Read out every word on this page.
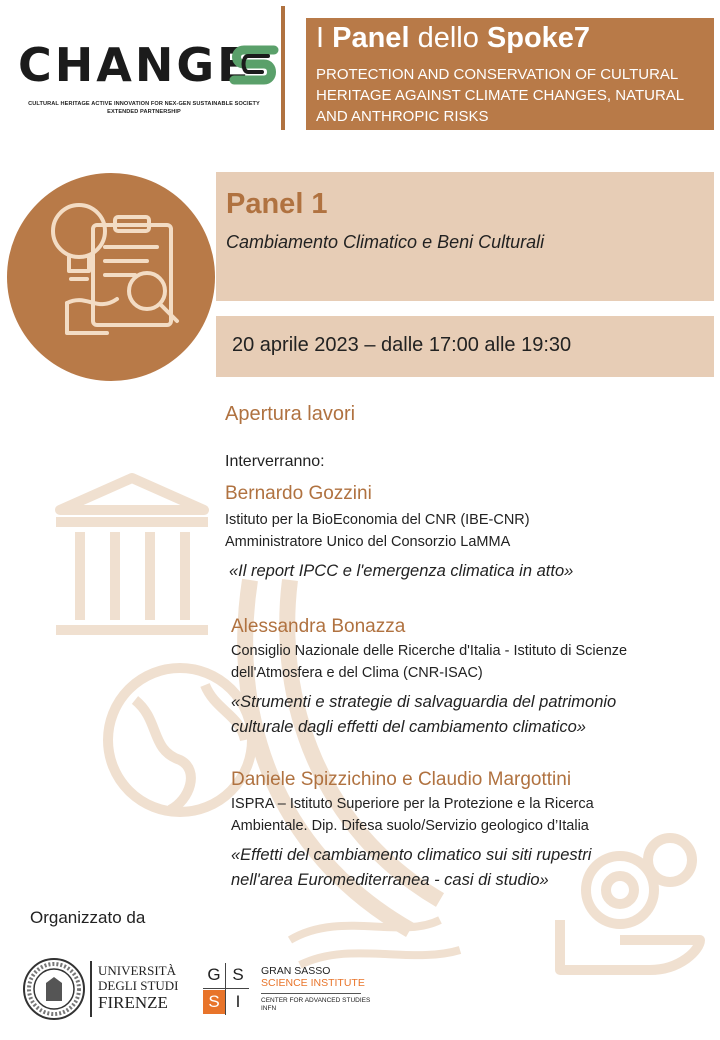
CHANGE
CULTURAL HERITAGE ACTIVE INNOVATION FOR NEX-GEN SUSTAINABLE SOCIETY
EXTENDED PARTNERSHIP
I Panel dello Spoke7
PROTECTION AND CONSERVATION OF CULTURAL HERITAGE AGAINST CLIMATE CHANGES, NATURAL AND ANTHROPIC RISKS
Panel 1
Cambiamento Climatico e Beni Culturali
20 aprile 2023 – dalle 17:00 alle 19:30
Apertura lavori
Interverranno:
Bernardo Gozzini
Istituto per la BioEconomia del CNR (IBE-CNR)
Amministratore Unico del Consorzio LaMMA
«Il report IPCC e l'emergenza climatica in atto»
Alessandra Bonazza
Consiglio Nazionale delle Ricerche d'Italia - Istituto di Scienze
dell'Atmosfera e del Clima (CNR-ISAC)
«Strumenti e strategie di salvaguardia del patrimonio
culturale dagli effetti del cambiamento climatico»
Daniele Spizzichino e Claudio Margottini
ISPRA – Istituto Superiore per la Protezione e la Ricerca
Ambientale. Dip. Difesa suolo/Servizio geologico d’Italia
«Effetti del cambiamento climatico sui siti rupestri
nell'area Euromediterranea - casi di studio»
Organizzato da
UNIVERSITÀ
DEGLI STUDI
FIRENZE
G S
S I
GRAN SASSO
SCIENCE INSTITUTE
CENTER FOR ADVANCED STUDIES
INFN
